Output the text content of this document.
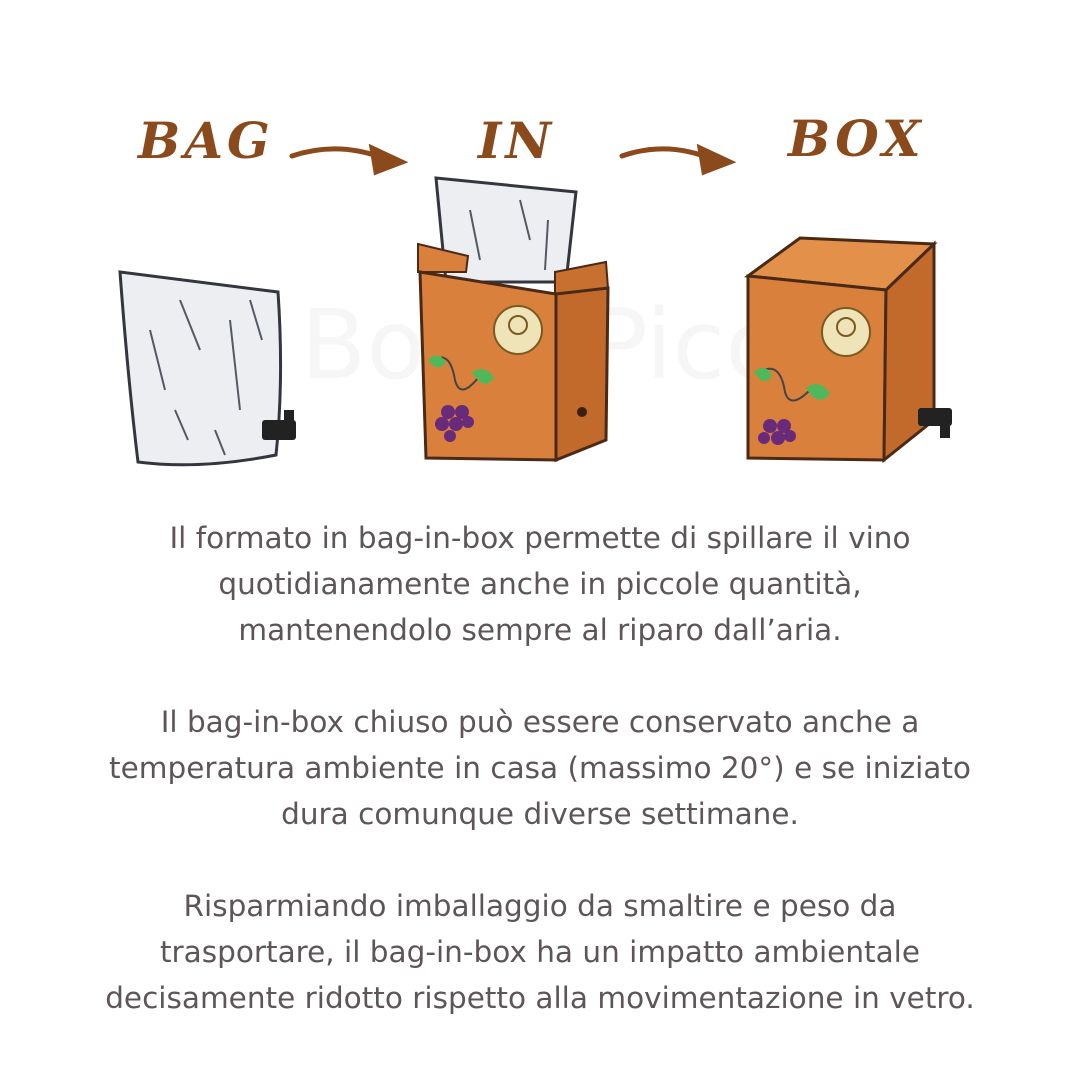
BAG	IN	BOX

Il formato in bag-in-box permette di spillare il vino

quotidianamente anche in piccole quantità,

mantenendolo sempre al riparo dall’aria.

Il bag-in-box chiuso può essere conservato anche a

temperatura ambiente in casa (massimo 20°) e se iniziato

dura comunque diverse settimane.

Risparmiando imballaggio da smaltire e peso da

trasportare, il bag-in-box ha un impatto ambientale

decisamente ridotto rispetto alla movimentazione in vetro.
